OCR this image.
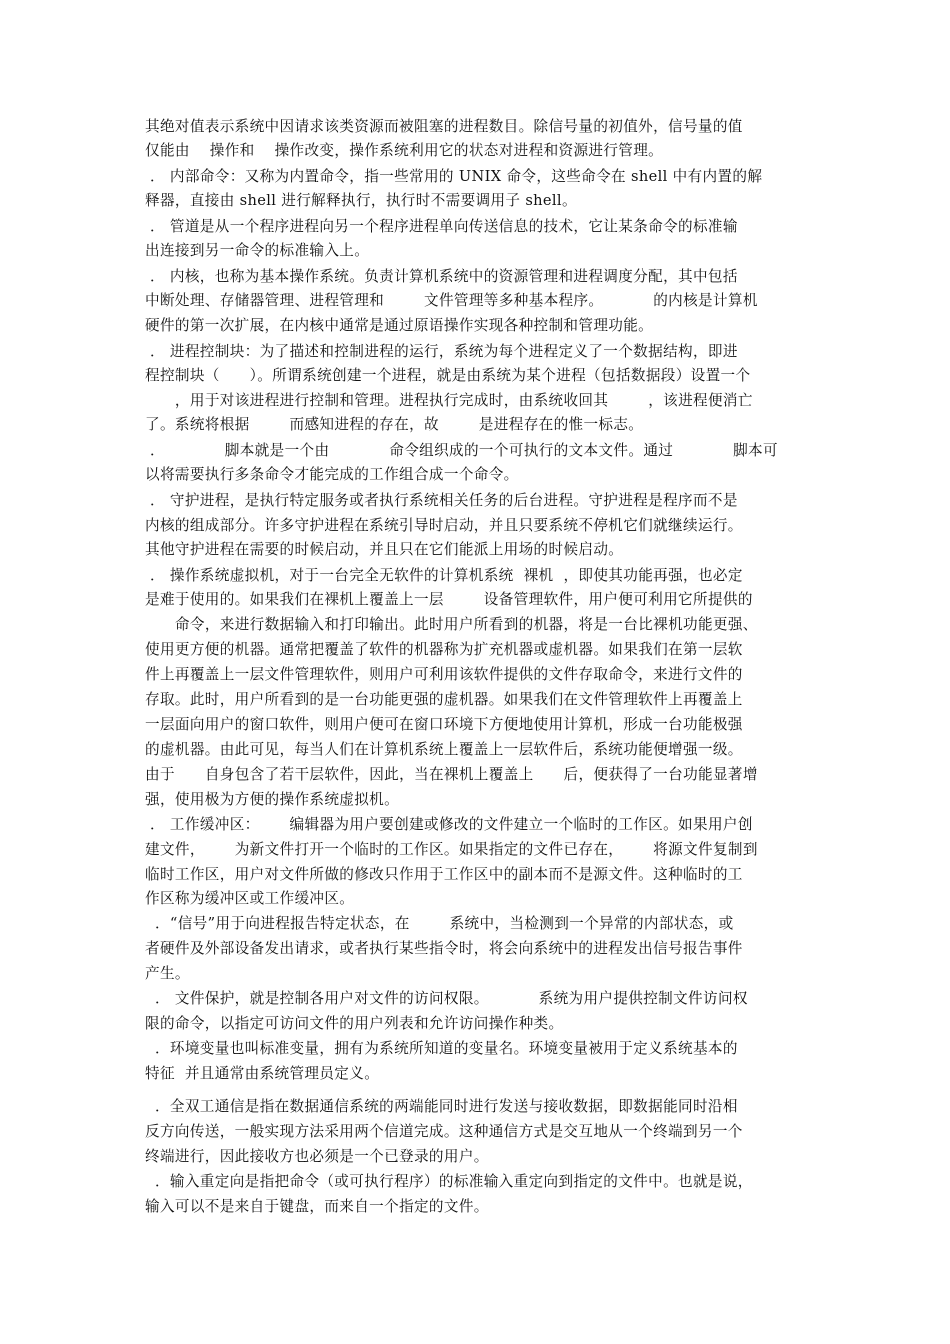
其绝对值表示系统中因请求该类资源而被阻塞的进程数目。除信号量的初值外，信号量的值
仅能由    操作和    操作改变，操作系统利用它的状态对进程和资源进行管理。
． 内部命令：又称为内置命令，指一些常用的 UNIX 命令，这些命令在 shell 中有内置的解
释器，直接由 shell 进行解释执行，执行时不需要调用子 shell。
． 管道是从一个程序进程向另一个程序进程单向传送信息的技术，它让某条命令的标准输
出连接到另一命令的标准输入上。
． 内核，也称为基本操作系统。负责计算机系统中的资源管理和进程调度分配，其中包括
中断处理、存储器管理、进程管理和        文件管理等多种基本程序。          的内核是计算机
硬件的第一次扩展，在内核中通常是通过原语操作实现各种控制和管理功能。
． 进程控制块：为了描述和控制进程的运行，系统为每个进程定义了一个数据结构，即进
程控制块（      ）。所谓系统创建一个进程，就是由系统为某个进程（包括数据段）设置一个
，用于对该进程进行控制和管理。进程执行完成时，由系统收回其        ，该进程便消亡
了。系统将根据        而感知进程的存在，故        是进程存在的惟一标志。
．            脚本就是一个由            命令组织成的一个可执行的文本文件。通过            脚本可
以将需要执行多条命令才能完成的工作组合成一个命令。
． 守护进程，是执行特定服务或者执行系统相关任务的后台进程。守护进程是程序而不是
内核的组成部分。许多守护进程在系统引导时启动，并且只要系统不停机它们就继续运行。
其他守护进程在需要的时候启动，并且只在它们能派上用场的时候启动。
． 操作系统虚拟机，对于一台完全无软件的计算机系统  裸机  ，即使其功能再强，也必定
是难于使用的。如果我们在裸机上覆盖上一层        设备管理软件，用户便可利用它所提供的
命令，来进行数据输入和打印输出。此时用户所看到的机器，将是一台比裸机功能更强、
使用更方便的机器。通常把覆盖了软件的机器称为扩充机器或虚机器。如果我们在第一层软
件上再覆盖上一层文件管理软件，则用户可利用该软件提供的文件存取命令，来进行文件的
存取。此时，用户所看到的是一台功能更强的虚机器。如果我们在文件管理软件上再覆盖上
一层面向用户的窗口软件，则用户便可在窗口环境下方便地使用计算机，形成一台功能极强
的虚机器。由此可见，每当人们在计算机系统上覆盖上一层软件后，系统功能便增强一级。
由于      自身包含了若干层软件，因此，当在裸机上覆盖上      后，便获得了一台功能显著增
强，使用极为方便的操作系统虚拟机。
． 工作缓冲区：      编辑器为用户要创建或修改的文件建立一个临时的工作区。如果用户创
建文件，      为新文件打开一个临时的工作区。如果指定的文件已存在，      将源文件复制到
临时工作区，用户对文件所做的修改只作用于工作区中的副本而不是源文件。这种临时的工
作区称为缓冲区或工作缓冲区。
．“信号”用于向进程报告特定状态，在        系统中，当检测到一个异常的内部状态，或
者硬件及外部设备发出请求，或者执行某些指令时，将会向系统中的进程发出信号报告事件
产生。
． 文件保护，就是控制各用户对文件的访问权限。          系统为用户提供控制文件访问权
限的命令，以指定可访问文件的用户列表和允许访问操作种类。
．环境变量也叫标准变量，拥有为系统所知道的变量名。环境变量被用于定义系统基本的
特征  并且通常由系统管理员定义。
．全双工通信是指在数据通信系统的两端能同时进行发送与接收数据，即数据能同时沿相
反方向传送，一般实现方法采用两个信道完成。这种通信方式是交互地从一个终端到另一个
终端进行，因此接收方也必须是一个已登录的用户。
．输入重定向是指把命令（或可执行程序）的标准输入重定向到指定的文件中。也就是说，
输入可以不是来自于键盘，而来自一个指定的文件。
